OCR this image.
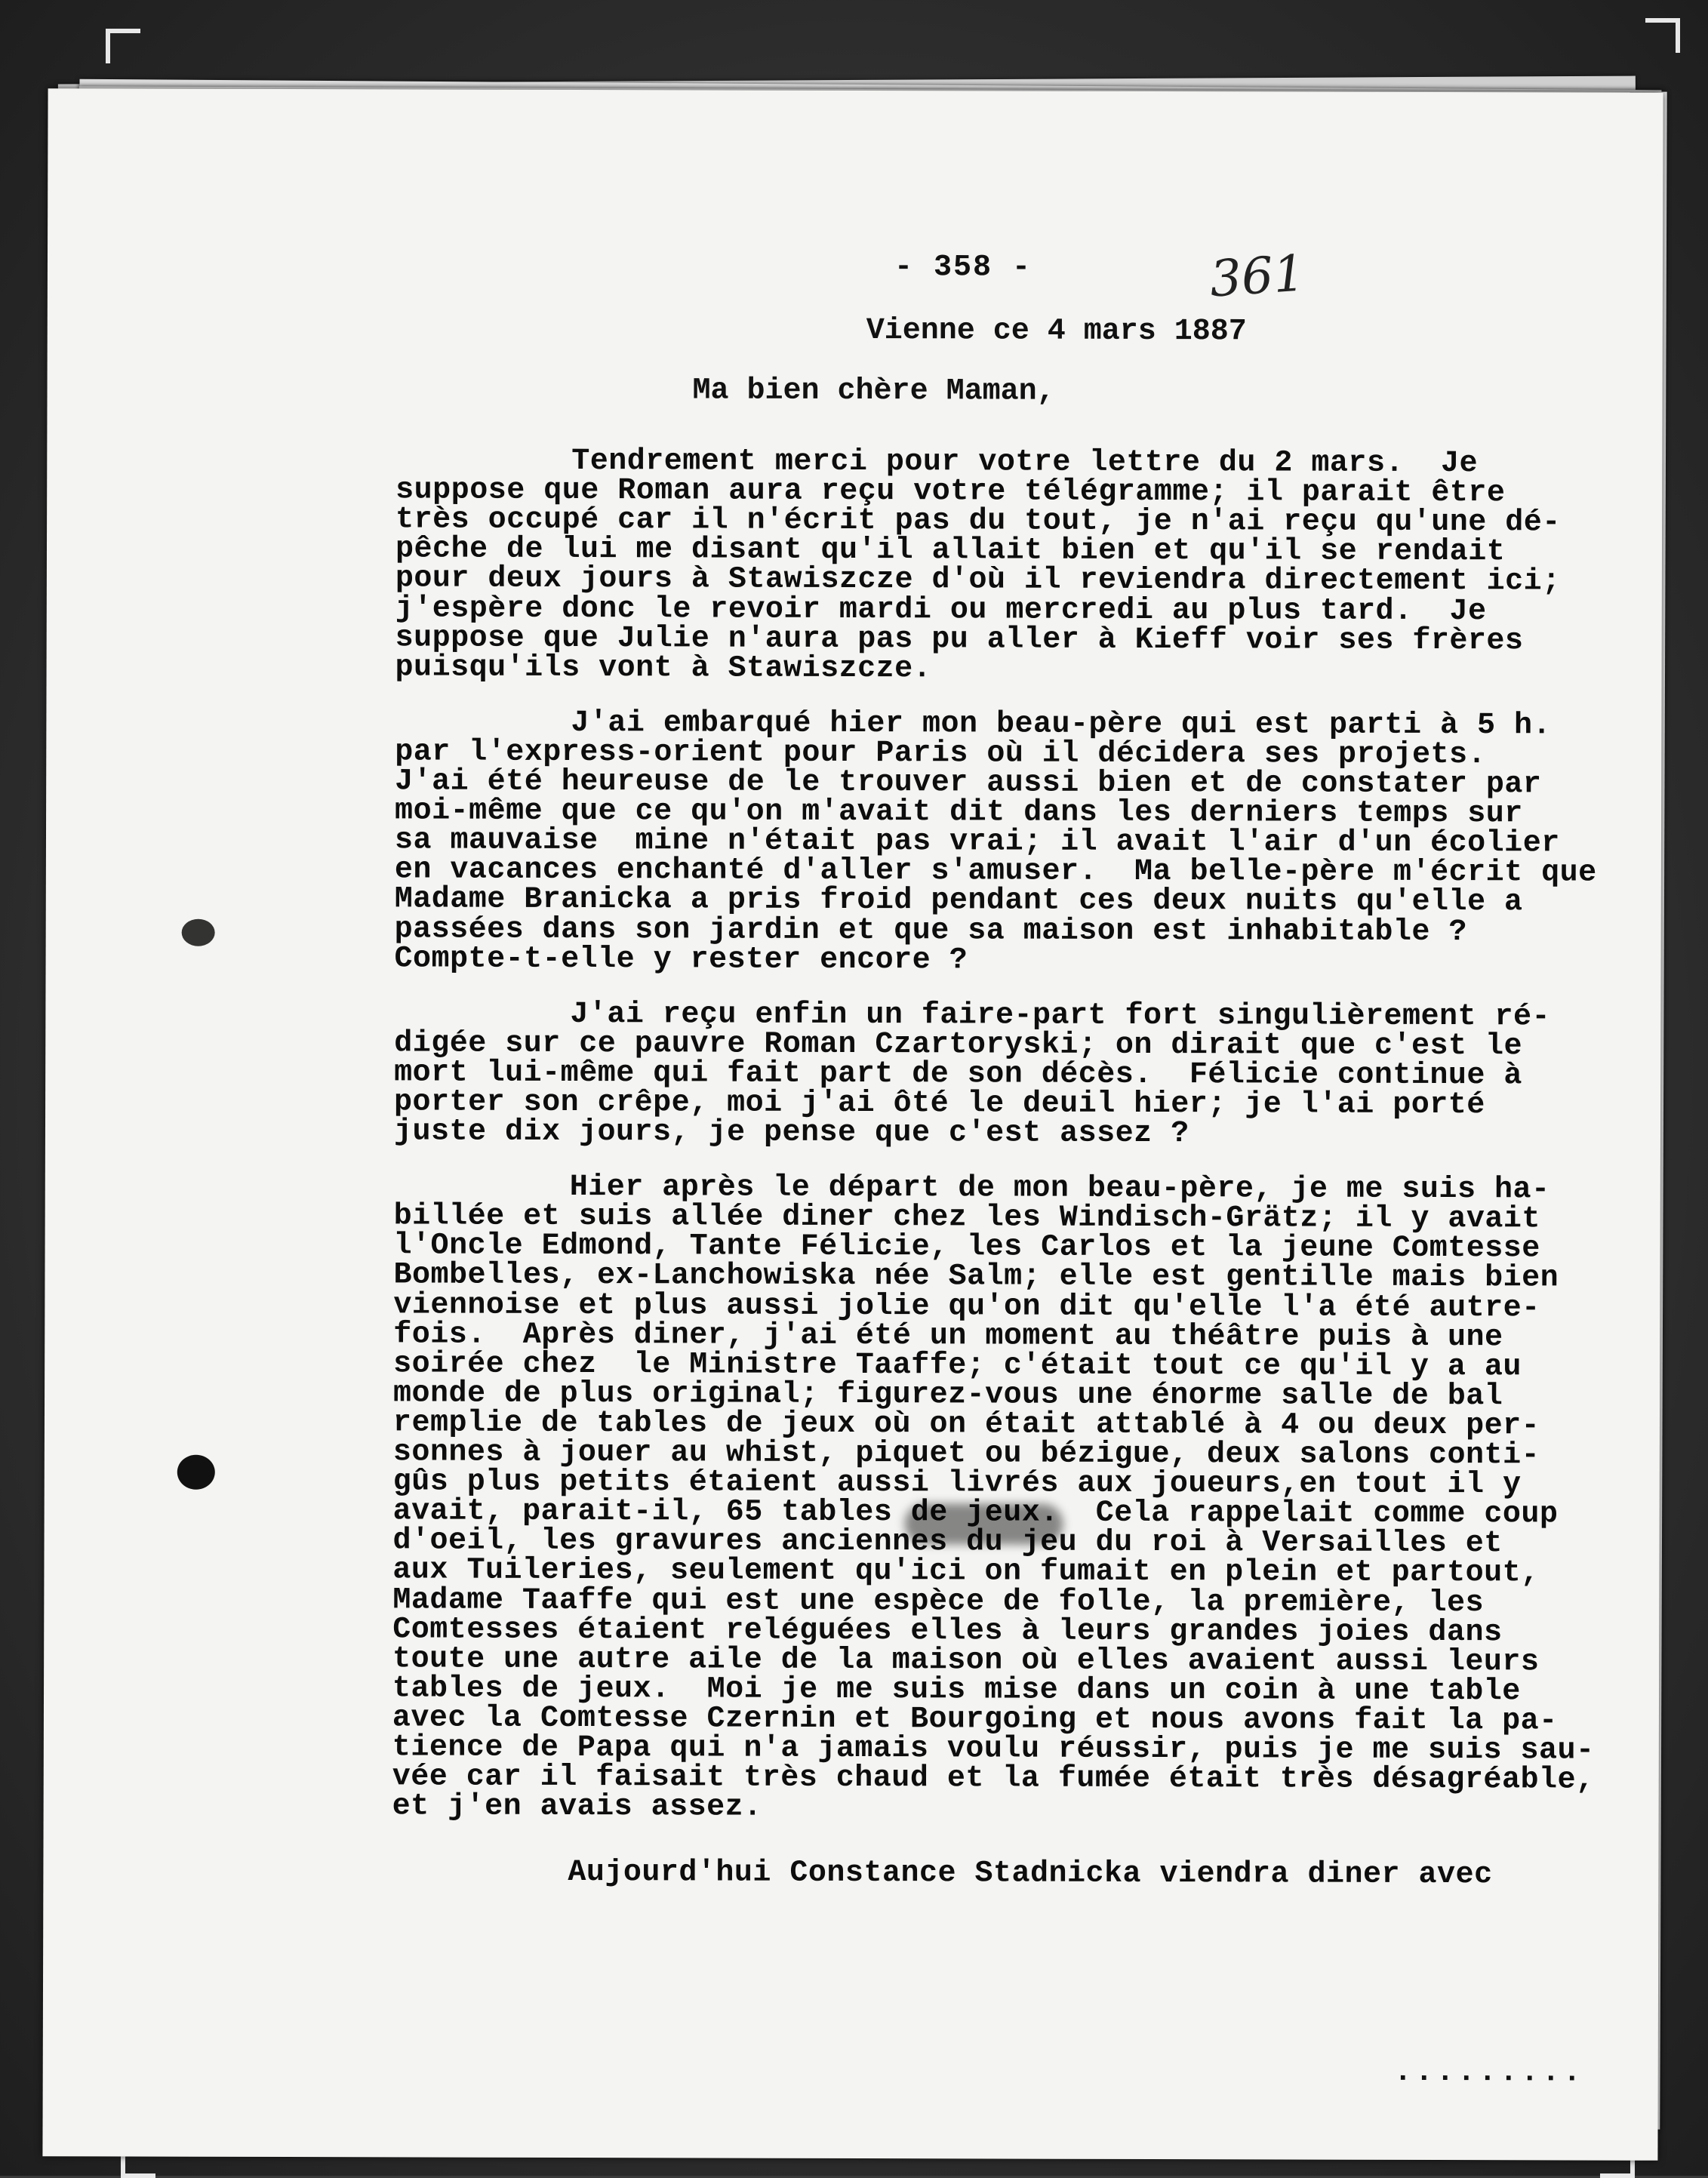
- 358 -	361
Vienne ce 4 mars 1887
Ma bien chère Maman,
Tendrement merci pour votre lettre du 2 mars.  Je
suppose que Roman aura reçu votre télégramme; il parait être
très occupé car il n'écrit pas du tout, je n'ai reçu qu'une dé-
pêche de lui me disant qu'il allait bien et qu'il se rendait
pour deux jours à Stawiszcze d'où il reviendra directement ici;
j'espère donc le revoir mardi ou mercredi au plus tard.  Je
suppose que Julie n'aura pas pu aller à Kieff voir ses frères
puisqu'ils vont à Stawiszcze.
J'ai embarqué hier mon beau-père qui est parti à 5 h.
par l'express-orient pour Paris où il décidera ses projets.
J'ai été heureuse de le trouver aussi bien et de constater par
moi-même que ce qu'on m'avait dit dans les derniers temps sur
sa mauvaise  mine n'était pas vrai; il avait l'air d'un écolier
en vacances enchanté d'aller s'amuser.  Ma belle-père m'écrit que
Madame Branicka a pris froid pendant ces deux nuits qu'elle a
passées dans son jardin et que sa maison est inhabitable ?
Compte-t-elle y rester encore ?
J'ai reçu enfin un faire-part fort singulièrement ré-
digée sur ce pauvre Roman Czartoryski; on dirait que c'est le
mort lui-même qui fait part de son décès.  Félicie continue à
porter son crêpe, moi j'ai ôté le deuil hier; je l'ai porté
juste dix jours, je pense que c'est assez ?
Hier après le départ de mon beau-père, je me suis ha-
billée et suis allée diner chez les Windisch-Grätz; il y avait
l'Oncle Edmond, Tante Félicie, les Carlos et la jeune Comtesse
Bombelles, ex-Lanchowiska née Salm; elle est gentille mais bien
viennoise et plus aussi jolie qu'on dit qu'elle l'a été autre-
fois.  Après diner, j'ai été un moment au théâtre puis à une
soirée chez  le Ministre Taaffe; c'était tout ce qu'il y a au
monde de plus original; figurez-vous une énorme salle de bal
remplie de tables de jeux où on était attablé à 4 ou deux per-
sonnes à jouer au whist, piquet ou bézigue, deux salons conti-
gûs plus petits étaient aussi livrés aux joueurs,en tout il y
avait, parait-il, 65 tables de jeux.  Cela rappelait comme coup
d'oeil, les gravures anciennes du jeu du roi à Versailles et
aux Tuileries, seulement qu'ici on fumait en plein et partout,
Madame Taaffe qui est une espèce de folle, la première, les
Comtesses étaient reléguées elles à leurs grandes joies dans
toute une autre aile de la maison où elles avaient aussi leurs
tables de jeux.  Moi je me suis mise dans un coin à une table
avec la Comtesse Czernin et Bourgoing et nous avons fait la pa-
tience de Papa qui n'a jamais voulu réussir, puis je me suis sau-
vée car il faisait très chaud et la fumée était très désagréable,
et j'en avais assez.
Aujourd'hui Constance Stadnicka viendra diner avec
.........
